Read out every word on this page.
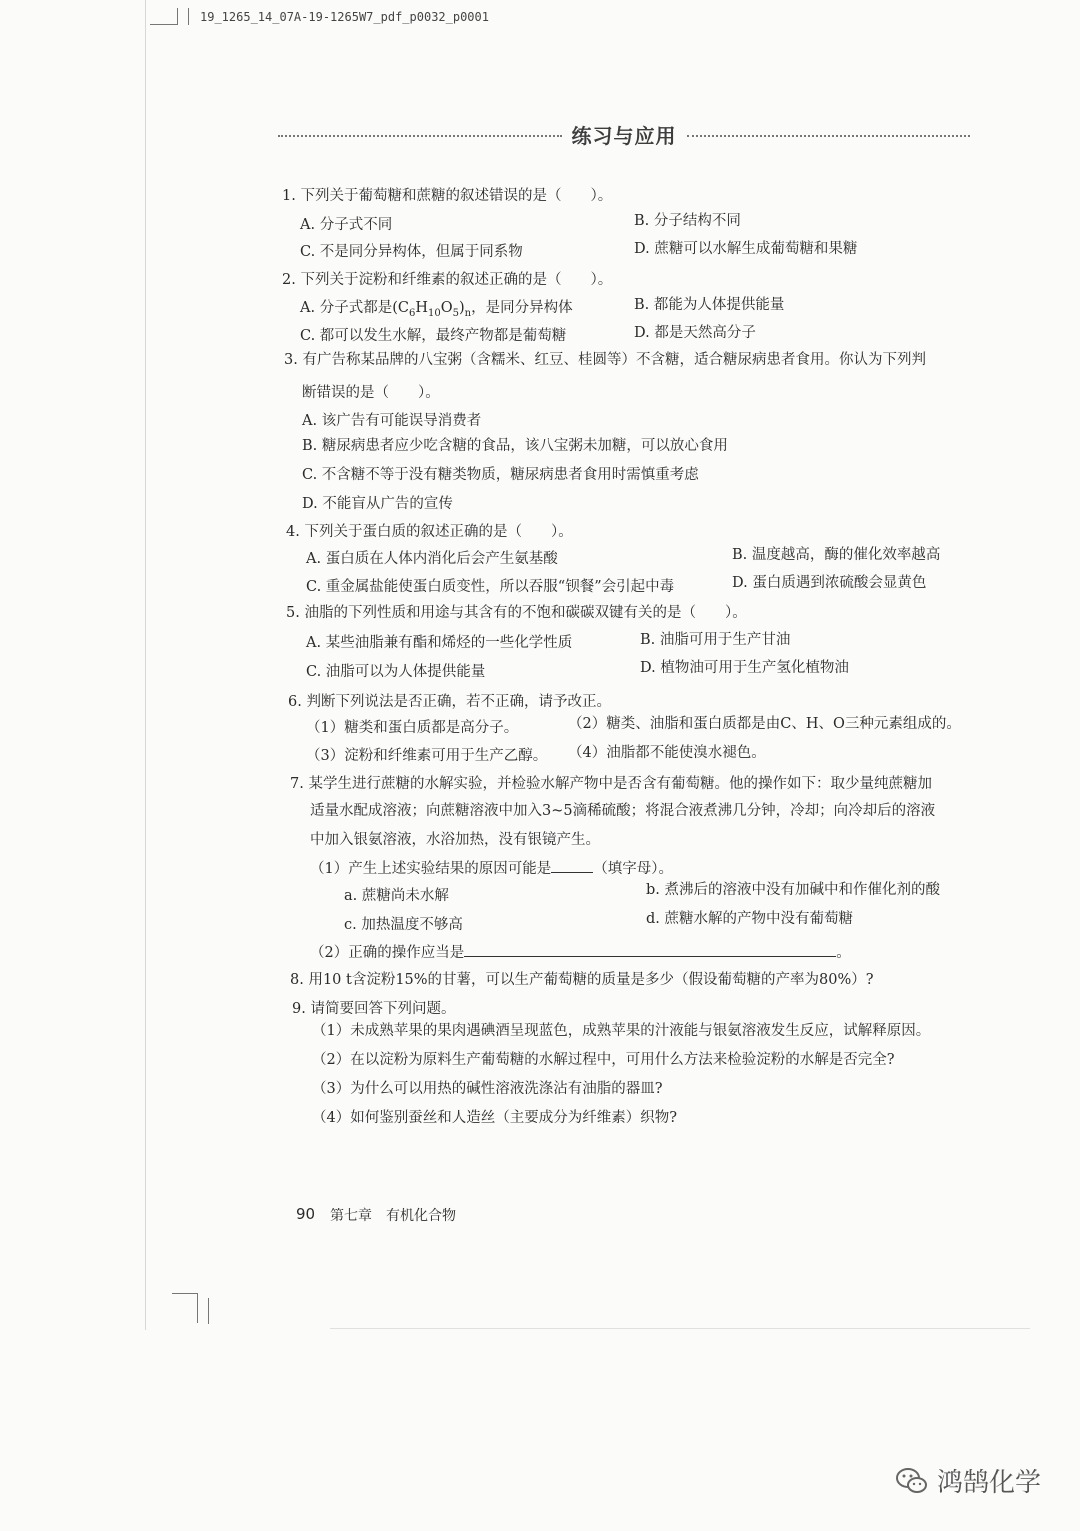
19_1265_14_07A-19-1265W7_pdf_p0032_p0001
练习与应用
1. 下列关于葡萄糖和蔗糖的叙述错误的是（　　）。
A. 分子式不同	B. 分子结构不同
C. 不是同分异构体，但属于同系物	D. 蔗糖可以水解生成葡萄糖和果糖
2. 下列关于淀粉和纤维素的叙述正确的是（　　）。
A. 分子式都是$(C_6H_{10}O_5)_n$，是同分异构体	B. 都能为人体提供能量
C. 都可以发生水解，最终产物都是葡萄糖	D. 都是天然高分子
3. 有广告称某品牌的八宝粥（含糯米、红豆、桂圆等）不含糖，适合糖尿病患者食用。你认为下列判
断错误的是（　　）。
A. 该广告有可能误导消费者
B. 糖尿病患者应少吃含糖的食品，该八宝粥未加糖，可以放心食用
C. 不含糖不等于没有糖类物质，糖尿病患者食用时需慎重考虑
D. 不能盲从广告的宣传
4. 下列关于蛋白质的叙述正确的是（　　）。
A. 蛋白质在人体内消化后会产生氨基酸	B. 温度越高，酶的催化效率越高
C. 重金属盐能使蛋白质变性，所以吞服“钡餐”会引起中毒	D. 蛋白质遇到浓硫酸会显黄色
5. 油脂的下列性质和用途与其含有的不饱和碳碳双键有关的是（　　）。
A. 某些油脂兼有酯和烯烃的一些化学性质	B. 油脂可用于生产甘油
C. 油脂可以为人体提供能量	D. 植物油可用于生产氢化植物油
6. 判断下列说法是否正确，若不正确，请予改正。
（1）糖类和蛋白质都是高分子。	（2）糖类、油脂和蛋白质都是由C、H、O三种元素组成的。
（3）淀粉和纤维素可用于生产乙醇。 （4）油脂都不能使溴水褪色。
7. 某学生进行蔗糖的水解实验，并检验水解产物中是否含有葡萄糖。他的操作如下：取少量纯蔗糖加
适量水配成溶液；向蔗糖溶液中加入3~5滴稀硫酸；将混合液煮沸几分钟，冷却；向冷却后的溶液
中加入银氨溶液，水浴加热，没有银镜产生。
（1）产生上述实验结果的原因可能是	（填字母）。
a. 蔗糖尚未水解	b. 煮沸后的溶液中没有加碱中和作催化剂的酸
c. 加热温度不够高	d. 蔗糖水解的产物中没有葡萄糖
（2）正确的操作应当是	。
8. 用10 t含淀粉15%的甘薯，可以生产葡萄糖的质量是多少（假设葡萄糖的产率为80%）?
9. 请简要回答下列问题。
（1）未成熟苹果的果肉遇碘酒呈现蓝色，成熟苹果的汁液能与银氨溶液发生反应，试解释原因。
（2）在以淀粉为原料生产葡萄糖的水解过程中，可用什么方法来检验淀粉的水解是否完全?
（3）为什么可以用热的碱性溶液洗涤沾有油脂的器皿?
（4）如何鉴别蚕丝和人造丝（主要成分为纤维素）织物?
90 第七章　有机化合物
鸿鹄化学
